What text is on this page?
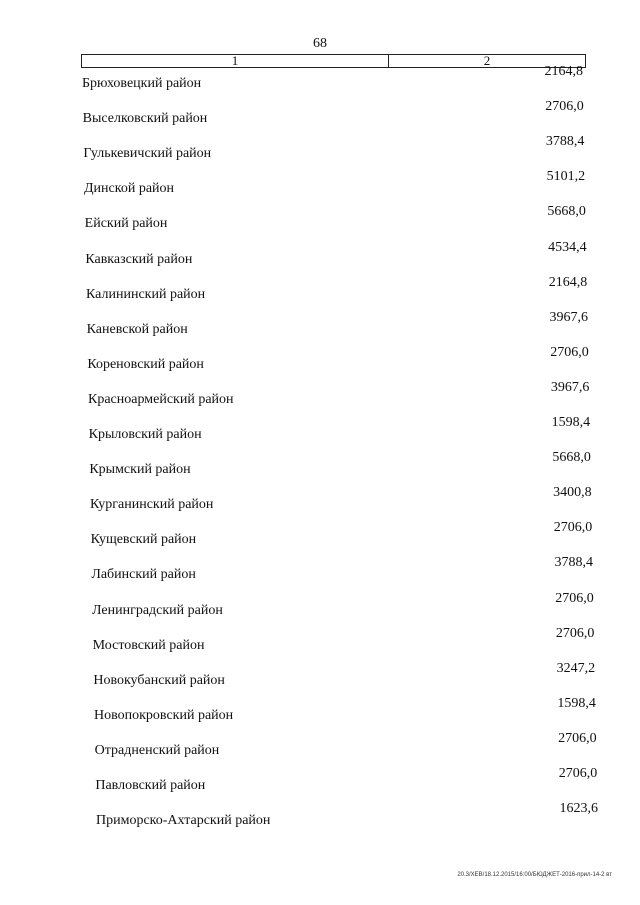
68
1	2
Брюховецкий район
2164,8
Выселковский район
2706,0
Гулькевичский район
3788,4
Динской район
5101,2
Ейский район
5668,0
Кавказский район
4534,4
Калининский район
2164,8
Каневской район
3967,6
Кореновский район
2706,0
Красноармейский район
3967,6
Крыловский район
1598,4
Крымский район
5668,0
Курганинский район
3400,8
Кущевский район
2706,0
Лабинский район
3788,4
Ленинградский район
2706,0
Мостовский район
2706,0
Новокубанский район
3247,2
Новопокровский район
1598,4
Отрадненский район
2706,0
Павловский район
2706,0
Приморско-Ахтарский район
1623,6
20.3/XEB/18.12.2015/16:00/БЮДЖЕТ-2016-прил-14-2 вт
